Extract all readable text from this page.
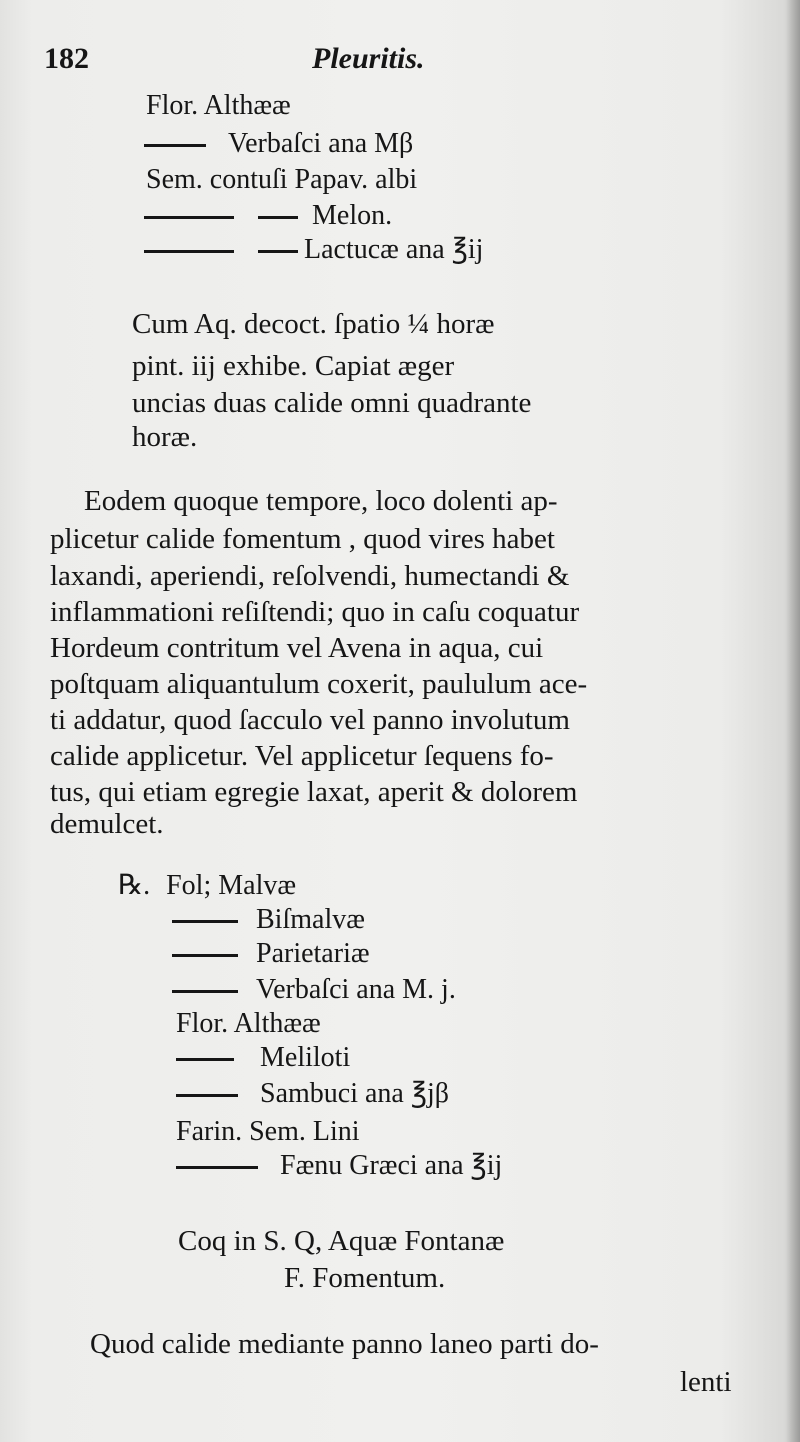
182	Pleuritis.
Flor. Althææ
Verbaſci ana Mβ
Sem. contuſi Papav. albi
Melon.
Lactucæ ana ℥ij
Cum Aq. decoct. ſpatio ¼ horæ
pint. iij exhibe. Capiat æger
uncias duas calide omni quadrante
horæ.
Eodem quoque tempore, loco dolenti ap-
plicetur calide fomentum , quod vires habet
laxandi, aperiendi, reſolvendi, humectandi &
inflammationi reſiſtendi; quo in caſu coquatur
Hordeum contritum vel Avena in aqua, cui
poſtquam aliquantulum coxerit, paululum ace-
ti addatur, quod ſacculo vel panno involutum
calide applicetur. Vel applicetur ſequens fo-
tus, qui etiam egregie laxat, aperit & dolorem
demulcet.
℞. Fol; Malvæ
Biſmalvæ
Parietariæ
Verbaſci ana M. j.
Flor. Althææ
Meliloti
Sambuci ana ℥jβ
Farin. Sem. Lini
Fænu Græci ana ℥ij
Coq in S. Q, Aquæ Fontanæ
F. Fomentum.
Quod calide mediante panno laneo parti do-
lenti
